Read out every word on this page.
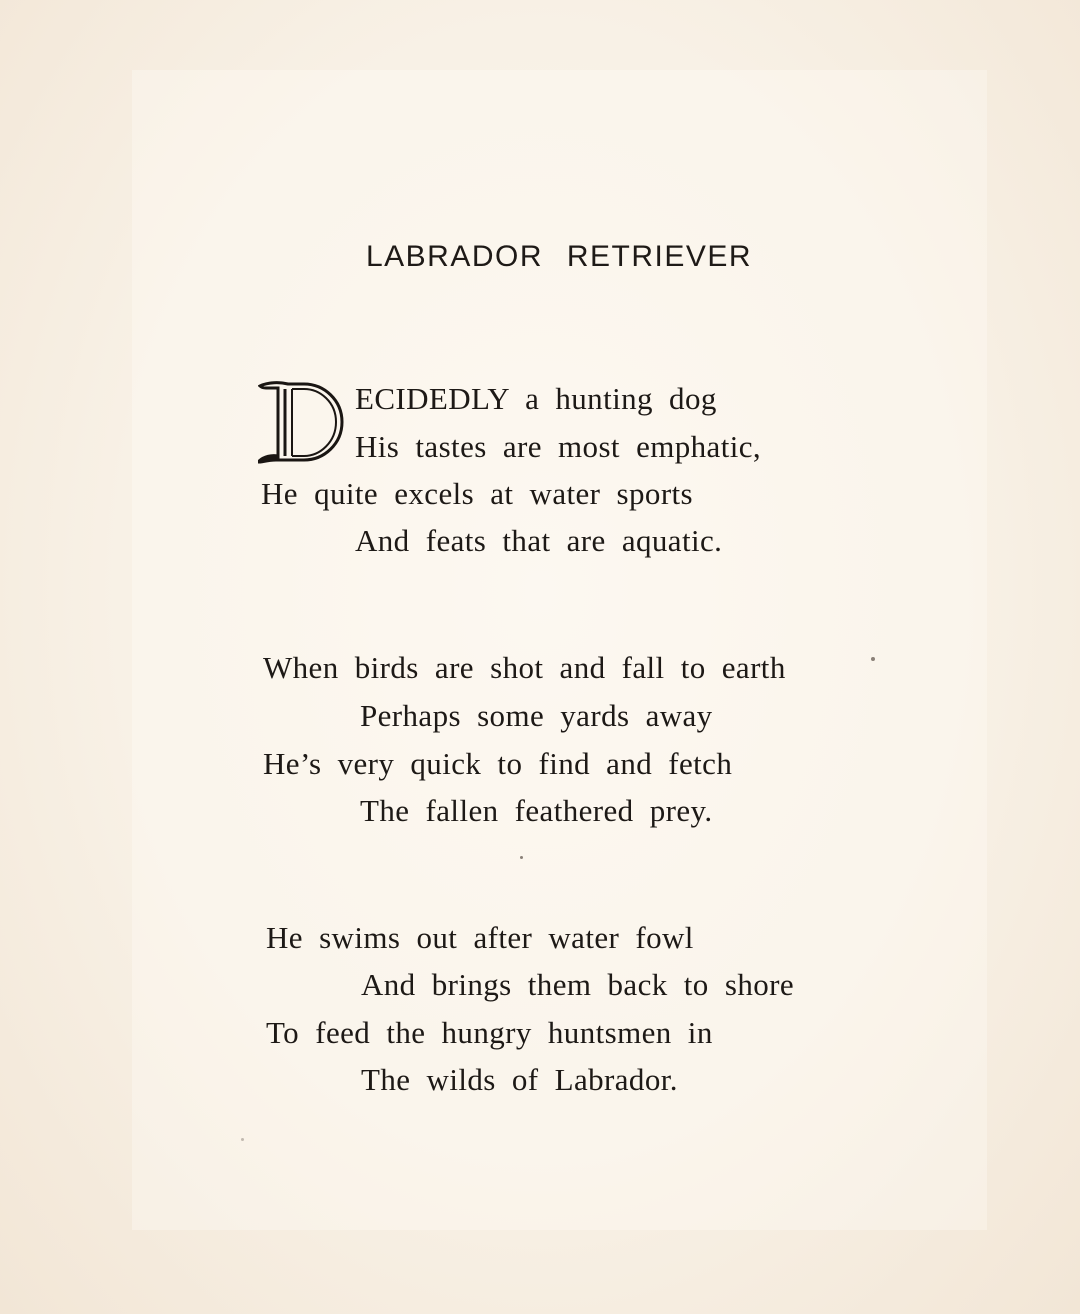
LABRADOR RETRIEVER
ECIDEDLY a hunting dog
His tastes are most emphatic,
He quite excels at water sports
And feats that are aquatic.
When birds are shot and fall to earth
Perhaps some yards away
He’s very quick to find and fetch
The fallen feathered prey.
He swims out after water fowl
And brings them back to shore
To feed the hungry huntsmen in
The wilds of Labrador.
